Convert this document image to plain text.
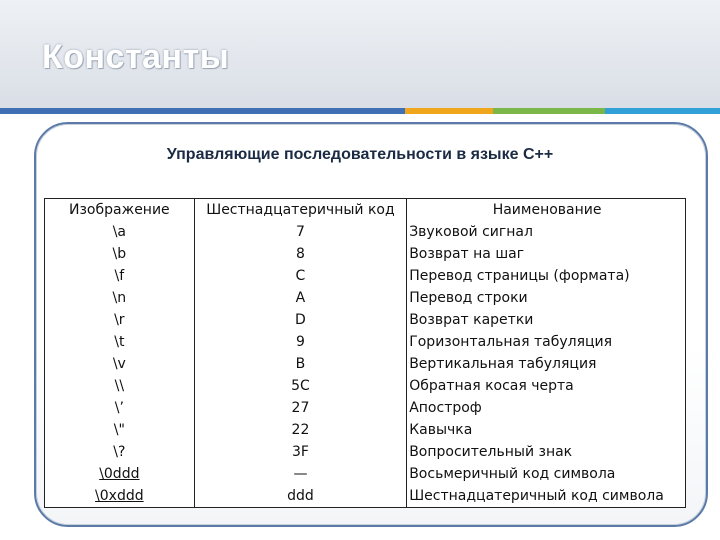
Константы
Управляющие последовательности в языке С++
Изображение	Шестнадцатеричный код	Наименование
\a	7	Звуковой сигнал
\b	8	Возврат на шаг
\f	C	Перевод страницы (формата)
\n	A	Перевод строки
\r	D	Возврат каретки
\t	9	Горизонтальная табуляция
\v	B	Вертикальная табуляция
\\	5C	Обратная косая черта
\’	27	Апостроф
\"	22	Кавычка
\?	3F	Вопросительный знак
\0ddd	—	Восьмеричный код символа
\0xddd	ddd	Шестнадцатеричный код символа
